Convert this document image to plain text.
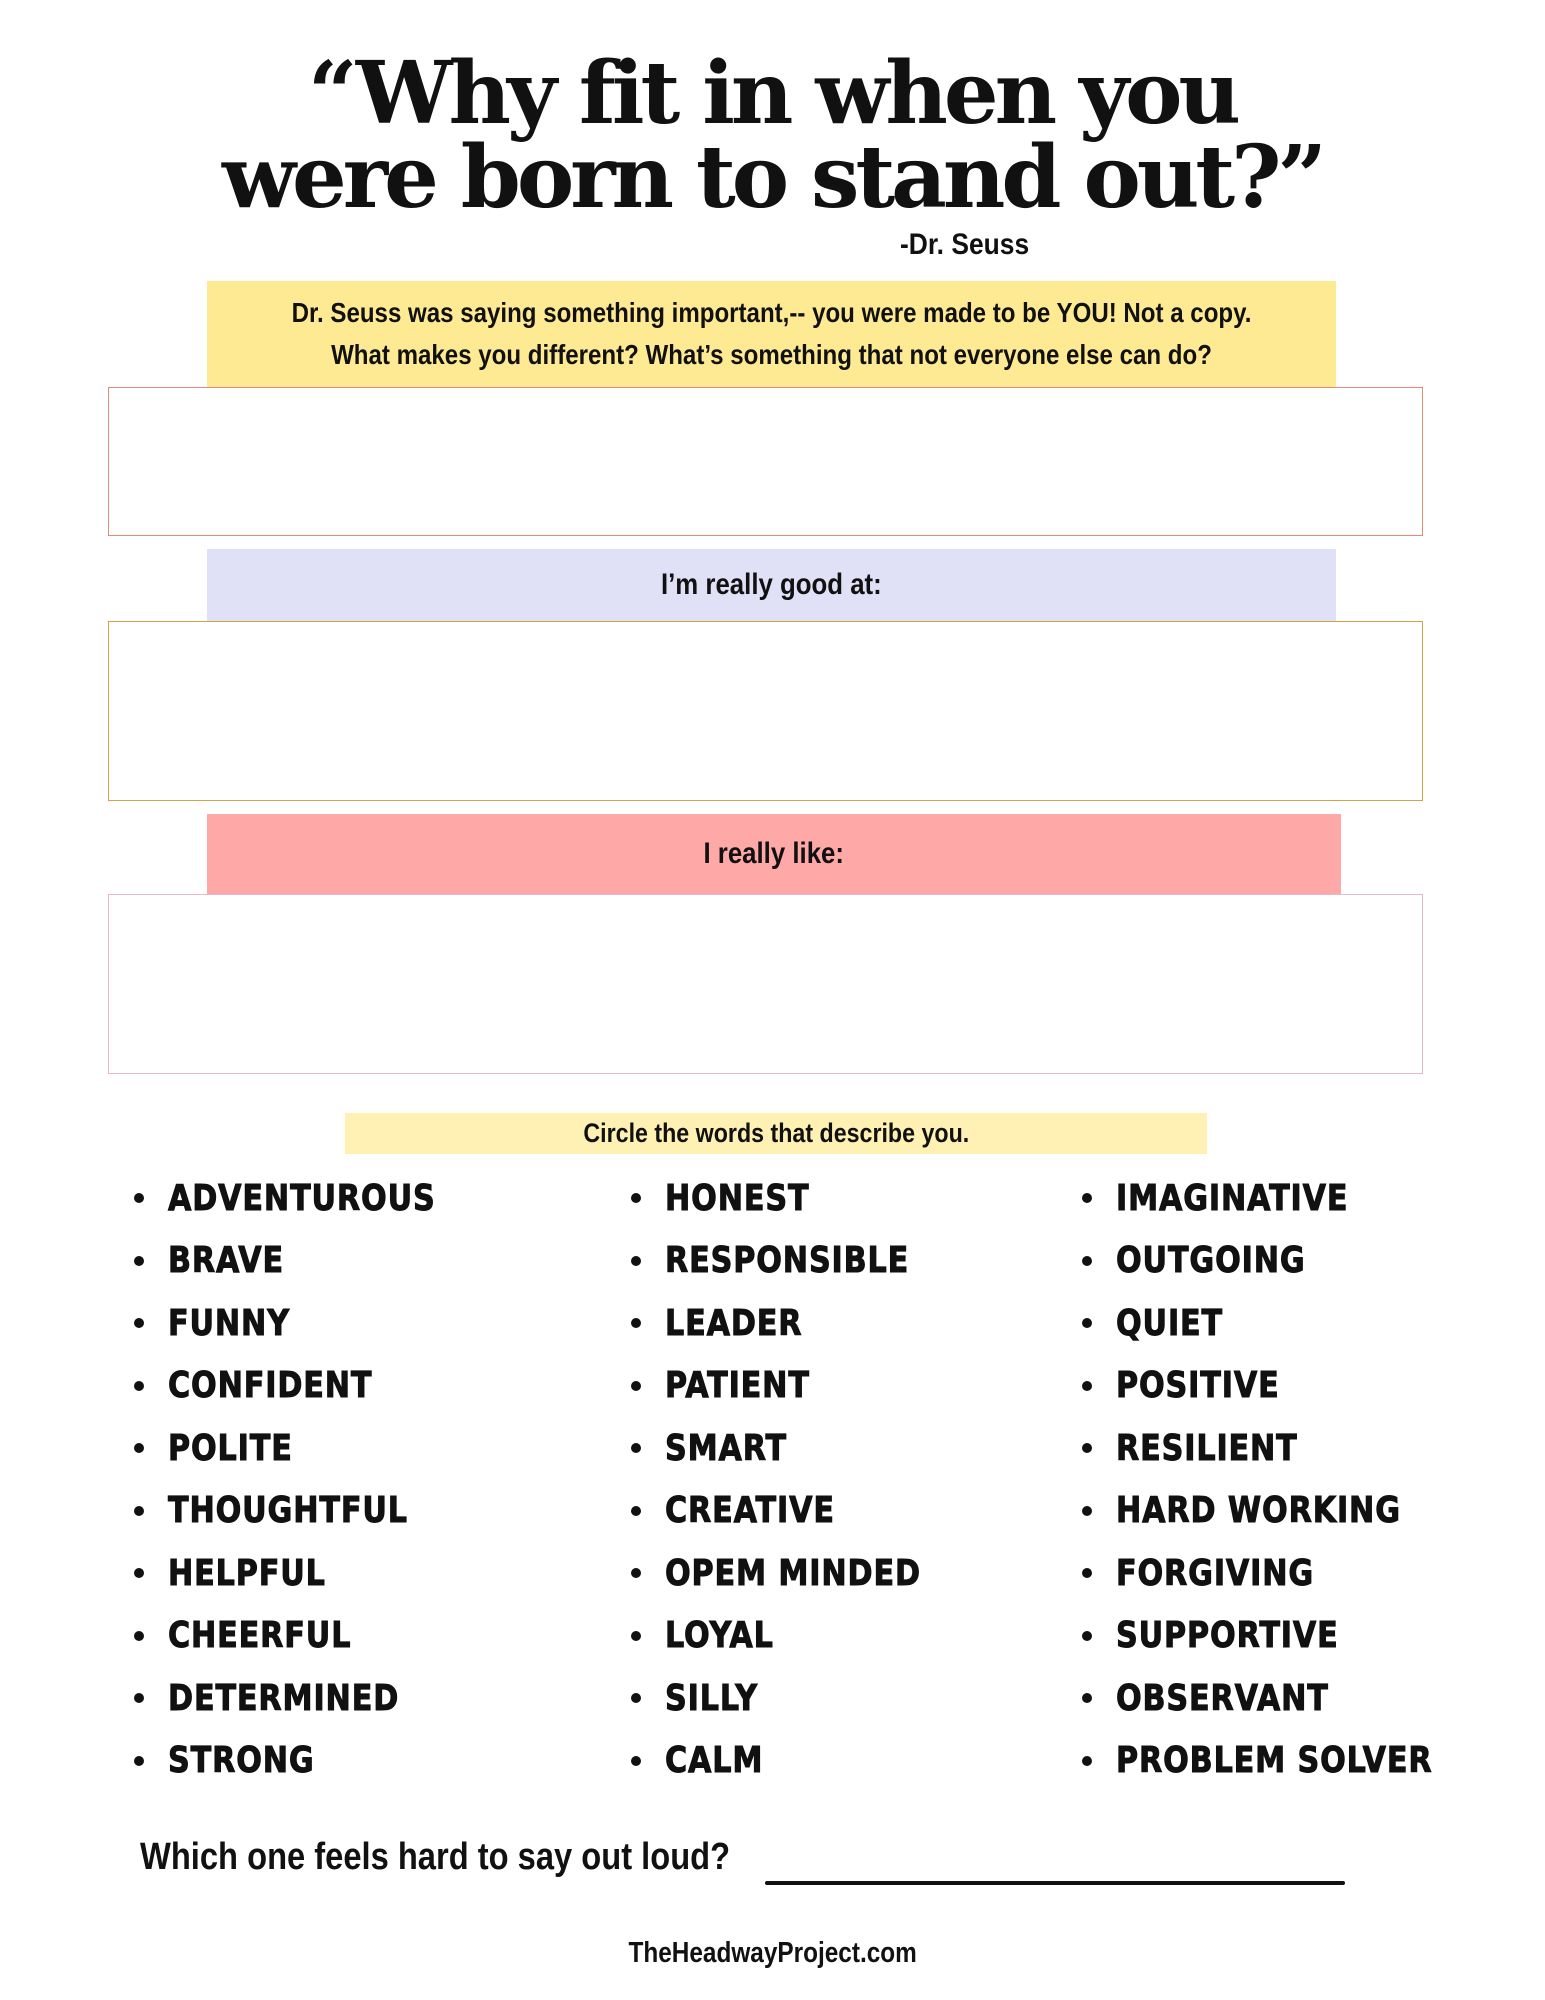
“Why fit in when you
were born to stand out?”
-Dr. Seuss
Dr. Seuss was saying something important,-- you were made to be YOU! Not a copy. What makes you different? What’s something that not everyone else can do?
I’m really good at:
I really like:
Circle the words that describe you.
ADVENTUROUS
BRAVE
FUNNY
CONFIDENT
POLITE
THOUGHTFUL
HELPFUL
CHEERFUL
DETERMINED
STRONG
HONEST
RESPONSIBLE
LEADER
PATIENT
SMART
CREATIVE
OPEM MINDED
LOYAL
SILLY
CALM
IMAGINATIVE
OUTGOING
QUIET
POSITIVE
RESILIENT
HARD WORKING
FORGIVING
SUPPORTIVE
OBSERVANT
PROBLEM SOLVER
Which one feels hard to say out loud?
TheHeadwayProject.com
